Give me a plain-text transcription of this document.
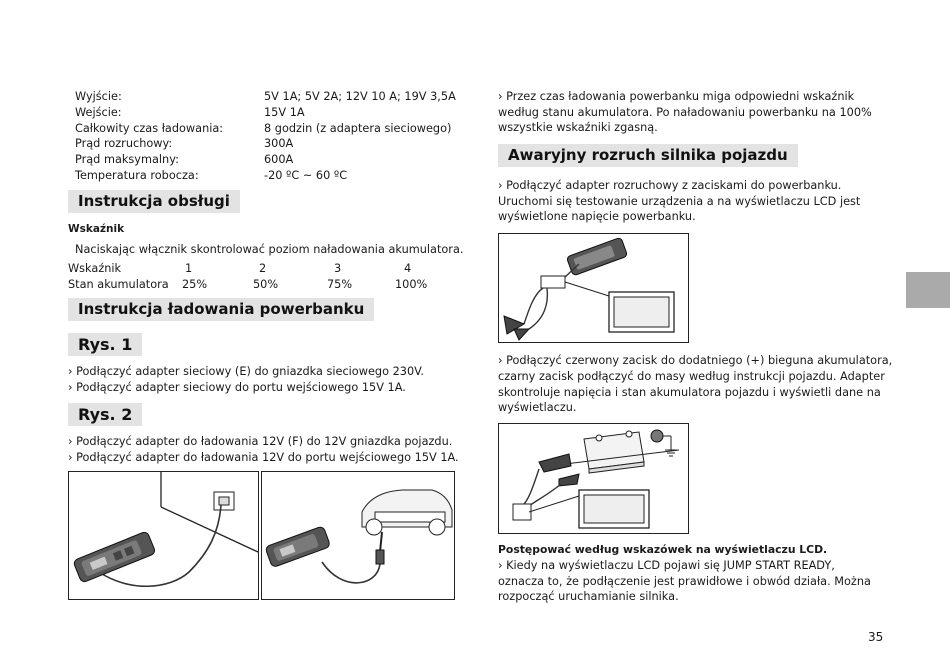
Wyjście:	5V 1A; 5V 2A; 12V 10 A; 19V 3,5A
Wejście:	15V 1A
Całkowity czas ładowania:	8 godzin (z adaptera sieciowego)
Prąd rozruchowy:	300A
Prąd maksymalny:	600A
Temperatura robocza:	-20 ºC ~ 60 ºC
Instrukcja obsługi
Wskaźnik
Naciskając włącznik skontrolować poziom naładowania akumulatora.
Wskaźnik	1	2	3	4
Stan akumulatora 25%	50%	75%	100%
Instrukcja ładowania powerbanku
Rys. 1
› Podłączyć adapter sieciowy (E) do gniazdka sieciowego 230V.
› Podłączyć adapter sieciowy do portu wejściowego 15V 1A.
Rys. 2
› Podłączyć adapter do ładowania 12V (F) do 12V gniazdka pojazdu.
› Podłączyć adapter do ładowania 12V do portu wejściowego 15V 1A.
› Przez czas ładowania powerbanku miga odpowiedni wskaźnik
według stanu akumulatora. Po naładowaniu powerbanku na 100%
wszystkie wskaźniki zgasną.
Awaryjny rozruch silnika pojazdu
› Podłączyć adapter rozruchowy z zaciskami do powerbanku.
Uruchomi się testowanie urządzenia a na wyświetlaczu LCD jest
wyświetlone napięcie powerbanku.
› Podłączyć czerwony zacisk do dodatniego (+) bieguna akumulatora,
czarny zacisk podłączyć do masy według instrukcji pojazdu. Adapter
skontroluje napięcia i stan akumulatora pojazdu i wyświetli dane na
wyświetlaczu.
Postępować według wskazówek na wyświetlaczu LCD.
› Kiedy na wyświetlaczu LCD pojawi się JUMP START READY,
oznacza to, że podłączenie jest prawidłowe i obwód działa. Można
rozpocząć uruchamianie silnika.
35
